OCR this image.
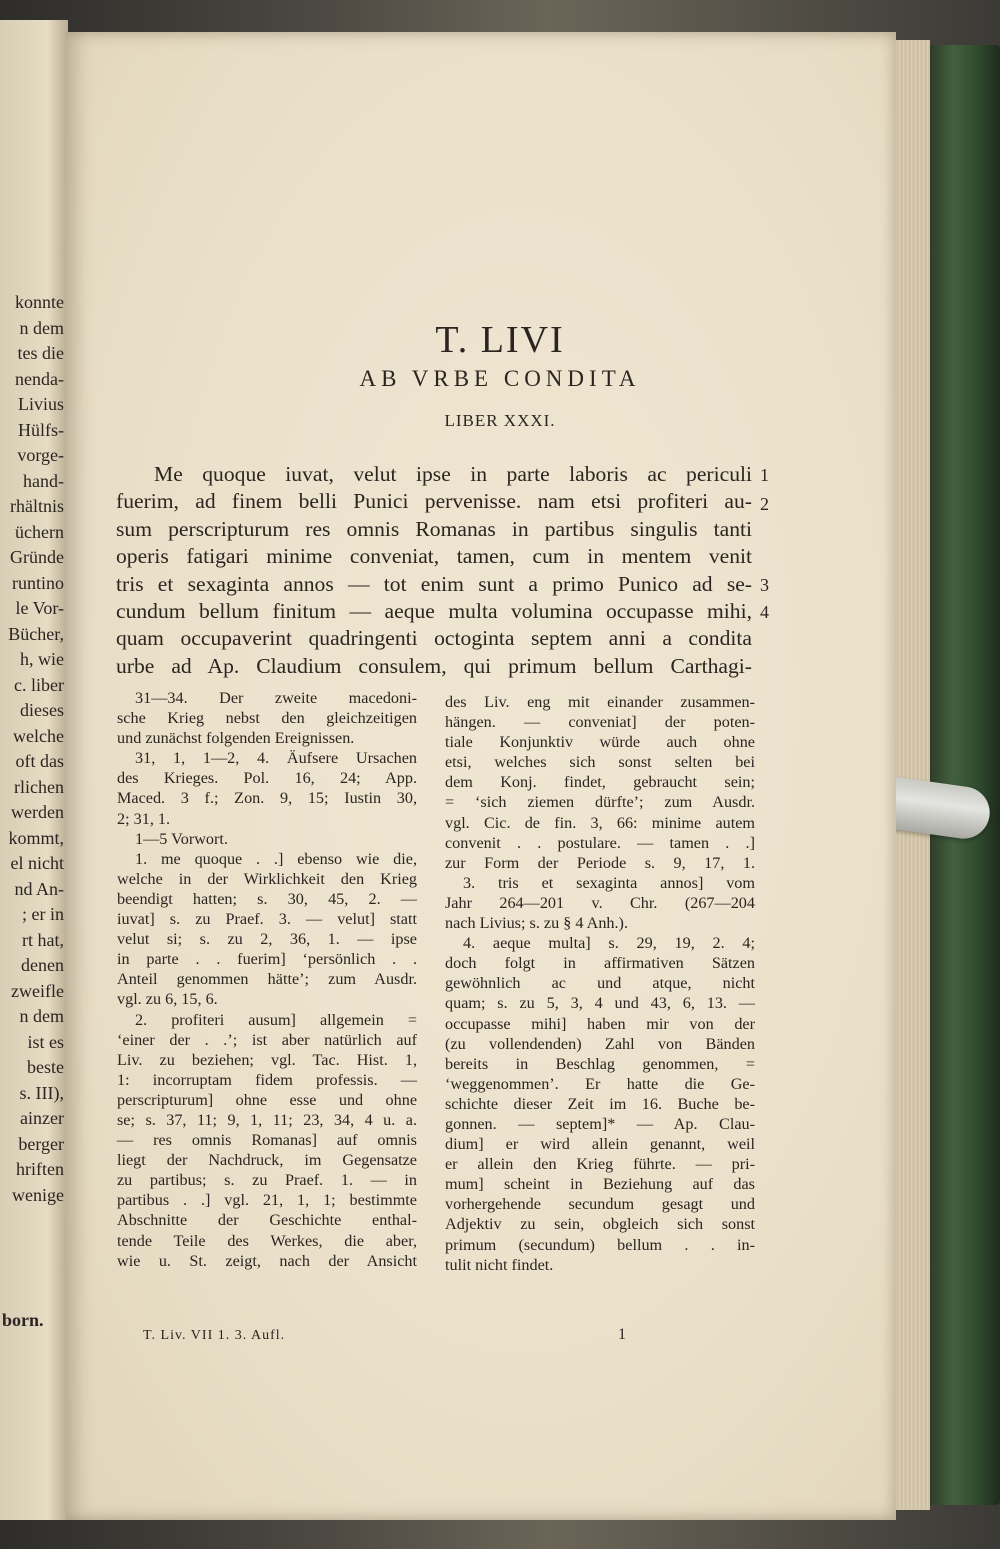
konnte
n dem
tes die
nenda-
Livius
Hülfs-
vorge-
hand-
rhältnis
üchern
Gründe
runtino
le Vor-
Bücher,
h, wie
c. liber
dieses
welche
oft das
rlichen
werden
kommt,
el nicht
nd An-
; er in
rt hat,
denen
zweifle
n dem
ist es
beste
s. III),
ainzer
berger
hriften
wenige
born.
T. LIVI
AB VRBE CONDITA
LIBER XXXI.
Me quoque iuvat, velut ipse in parte laboris ac periculi
fuerim, ad finem belli Punici pervenisse. nam etsi profiteri au-
sum perscripturum res omnis Romanas in partibus singulis tanti
operis fatigari minime conveniat, tamen, cum in mentem venit
tris et sexaginta annos — tot enim sunt a primo Punico ad se-
cundum bellum finitum — aeque multa volumina occupasse mihi,
quam occupaverint quadringenti octoginta septem anni a condita
urbe ad Ap. Claudium consulem, qui primum bellum Carthagi-
1
2
3
4
31—34. Der zweite macedoni-
sche Krieg nebst den gleichzeitigen
und zunächst folgenden Ereignissen.
31, 1, 1—2, 4. Äufsere Ursachen
des Krieges. Pol. 16, 24; App.
Maced. 3 f.; Zon. 9, 15; Iustin 30,
2; 31, 1.
1—5 Vorwort.
1. me quoque . .] ebenso wie die,
welche in der Wirklichkeit den Krieg
beendigt hatten; s. 30, 45, 2. —
iuvat] s. zu Praef. 3. — velut] statt
velut si; s. zu 2, 36, 1. — ipse
in parte . . fuerim] ‘persönlich . .
Anteil genommen hätte’; zum Ausdr.
vgl. zu 6, 15, 6.
2. profiteri ausum] allgemein =
‘einer der . .’; ist aber natürlich auf
Liv. zu beziehen; vgl. Tac. Hist. 1,
1: incorruptam fidem professis. —
perscripturum] ohne esse und ohne
se; s. 37, 11; 9, 1, 11; 23, 34, 4 u. a.
— res omnis Romanas] auf omnis
liegt der Nachdruck, im Gegensatze
zu partibus; s. zu Praef. 1. — in
partibus . .] vgl. 21, 1, 1; bestimmte
Abschnitte der Geschichte enthal-
tende Teile des Werkes, die aber,
wie u. St. zeigt, nach der Ansicht
des Liv. eng mit einander zusammen-
hängen. — conveniat] der poten-
tiale Konjunktiv würde auch ohne
etsi, welches sich sonst selten bei
dem Konj. findet, gebraucht sein;
= ‘sich ziemen dürfte’; zum Ausdr.
vgl. Cic. de fin. 3, 66: minime autem
convenit . . postulare. — tamen . .]
zur Form der Periode s. 9, 17, 1.
3. tris et sexaginta annos] vom
Jahr 264—201 v. Chr. (267—204
nach Livius; s. zu § 4 Anh.).
4. aeque multa] s. 29, 19, 2. 4;
doch folgt in affirmativen Sätzen
gewöhnlich ac und atque, nicht
quam; s. zu 5, 3, 4 und 43, 6, 13. —
occupasse mihi] haben mir von der
(zu vollendenden) Zahl von Bänden
bereits in Beschlag genommen, =
‘weggenommen’. Er hatte die Ge-
schichte dieser Zeit im 16. Buche be-
gonnen. — septem]* — Ap. Clau-
dium] er wird allein genannt, weil
er allein den Krieg führte. — pri-
mum] scheint in Beziehung auf das
vorhergehende secundum gesagt und
Adjektiv zu sein, obgleich sich sonst
primum (secundum) bellum . . in-
tulit nicht findet.
T. Liv. VII 1. 3. Aufl.	1
